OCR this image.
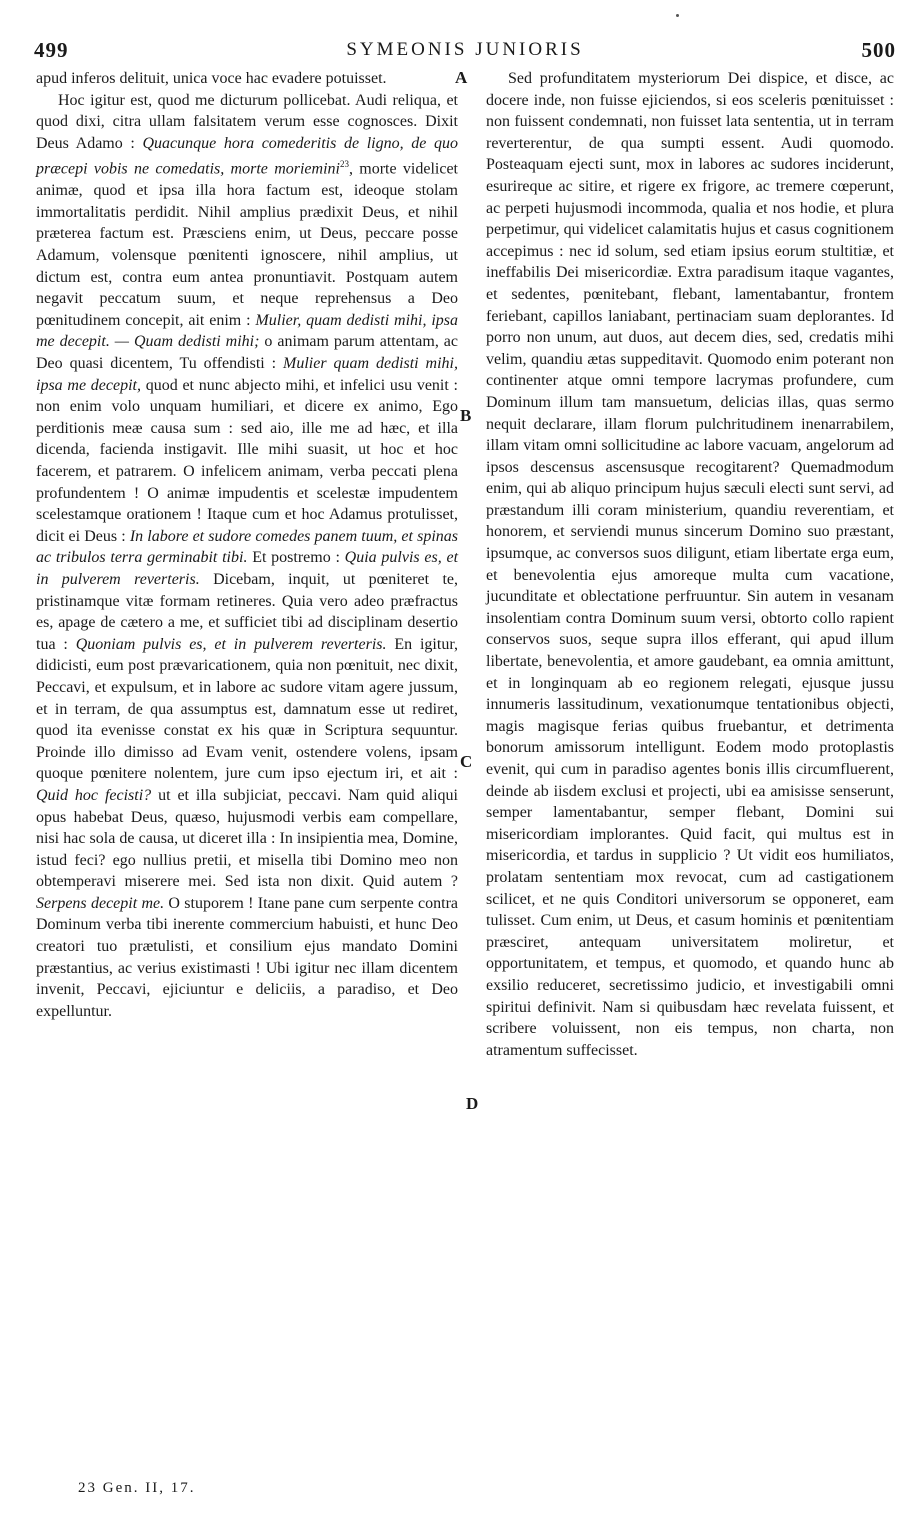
499	SYMEONIS JUNIORIS	500

apud inferos delituit, unica voce hac evadere potuisset.

Hoc igitur est, quod me dicturum pollicebat. Audi reliqua, et quod dixi, citra ullam falsitatem verum esse cognosces. Dixit Deus Adamo : Quacunque hora comederitis de ligno, de quo præcepi vobis ne comedatis, morte moriemini$^{23}$, morte videlicet animæ, quod et ipsa illa hora factum est, ideoque stolam immortalitatis perdidit. Nihil amplius prædixit Deus, et nihil præterea factum est. Præsciens enim, ut Deus, peccare posse Adamum, volensque pœnitenti ignoscere, nihil amplius, ut dictum est, contra eum antea pronuntiavit. Postquam autem negavit peccatum suum, et neque reprehensus a Deo pœnitudinem concepit, ait enim : Mulier, quam dedisti mihi, ipsa me decepit. — Quam dedisti mihi; o animam parum attentam, ac Deo quasi dicentem, Tu offendisti : Mulier quam dedisti mihi, ipsa me decepit, quod et nunc abjecto mihi, et infelici usu venit : non enim volo unquam humiliari, et dicere ex animo, Ego perditionis meæ causa sum : sed aio, ille me ad hæc, et illa dicenda, facienda instigavit. Ille mihi suasit, ut hoc et hoc facerem, et patrarem. O infelicem animam, verba peccati plena profundentem ! O animæ impudentis et scelestæ impudentem scelestamque orationem ! Itaque cum et hoc Adamus protulisset, dicit ei Deus : In labore et sudore comedes panem tuum, et spinas ac tribulos terra germinabit tibi. Et postremo : Quia pulvis es, et in pulverem reverteris. Dicebam, inquit, ut pœniteret te, pristinamque vitæ formam retineres. Quia vero adeo præfractus es, apage de cætero a me, et sufficiet tibi ad disciplinam desertio tua : Quoniam pulvis es, et in pulverem reverteris. En igitur, didicisti, eum post prævaricationem, quia non pœnituit, nec dixit, Peccavi, et expulsum, et in labore ac sudore vitam agere jussum, et in terram, de qua assumptus est, damnatum esse ut rediret, quod ita evenisse constat ex his quæ in Scriptura sequuntur. Proinde illo dimisso ad Evam venit, ostendere volens, ipsam quoque pœnitere nolentem, jure cum ipso ejectum iri, et ait : Quid hoc fecisti? ut et illa subjiciat, peccavi. Nam quid aliqui opus habebat Deus, quæso, hujusmodi verbis eam compellare, nisi hac sola de causa, ut diceret illa : In insipientia mea, Domine, istud feci? ego nullius pretii, et misella tibi Domino meo non obtemperavi miserere mei. Sed ista non dixit. Quid autem ? Serpens decepit me. O stuporem ! Itane pane cum serpente contra Dominum verba tibi inerente commercium habuisti, et hunc Deo creatori tuo prætulisti, et consilium ejus mandato Domini præstantius, ac verius existimasti ! Ubi igitur nec illam dicentem invenit, Peccavi, ejiciuntur e deliciis, a paradiso, et Deo expelluntur.

Sed profunditatem mysteriorum Dei dispice, et disce, ac docere inde, non fuisse ejiciendos, si eos sceleris pœnituisset : non fuissent condemnati, non fuisset lata sententia, ut in terram reverterentur, de qua sumpti essent. Audi quomodo. Posteaquam ejecti sunt, mox in labores ac sudores inciderunt, esurireque ac sitire, et rigere ex frigore, ac tremere cœperunt, ac perpeti hujusmodi incommoda, qualia et nos hodie, et plura perpetimur, qui videlicet calamitatis hujus et casus cognitionem accepimus : nec id solum, sed etiam ipsius eorum stultitiæ, et ineffabilis Dei misericordiæ. Extra paradisum itaque vagantes, et sedentes, pœnitebant, flebant, lamentabantur, frontem feriebant, capillos laniabant, pertinaciam suam deplorantes. Id porro non unum, aut duos, aut decem dies, sed, credatis mihi velim, quandiu ætas suppeditavit. Quomodo enim poterant non continenter atque omni tempore lacrymas profundere, cum Dominum illum tam mansuetum, delicias illas, quas sermo nequit declarare, illam florum pulchritudinem inenarrabilem, illam vitam omni sollicitudine ac labore vacuam, angelorum ad ipsos descensus ascensusque recogitarent? Quemadmodum enim, qui ab aliquo principum hujus sæculi electi sunt servi, ad præstandum illi coram ministerium, quandiu reverentiam, et honorem, et serviendi munus sincerum Domino suo præstant, ipsumque, ac conversos suos diligunt, etiam libertate erga eum, et benevolentia ejus amoreque multa cum vacatione, jucunditate et oblectatione perfruuntur. Sin autem in vesanam insolentiam contra Dominum suum versi, obtorto collo rapient conservos suos, seque supra illos efferant, qui apud illum libertate, benevolentia, et amore gaudebant, ea omnia amittunt, et in longinquam ab eo regionem relegati, ejusque jussu innumeris lassitudinum, vexationumque tentationibus objecti, magis magisque ferias quibus fruebantur, et detrimenta bonorum amissorum intelligunt. Eodem modo protoplastis evenit, qui cum in paradiso agentes bonis illis circumfluerent, deinde ab iisdem exclusi et projecti, ubi ea amisisse senserunt, semper lamentabantur, semper flebant, Domini sui misericordiam implorantes. Quid facit, qui multus est in misericordia, et tardus in supplicio ? Ut vidit eos humiliatos, prolatam sententiam mox revocat, cum ad castigationem scilicet, et ne quis Conditori universorum se opponeret, eam tulisset. Cum enim, ut Deus, et casum hominis et pœnitentiam præsciret, antequam universitatem moliretur, et opportunitatem, et tempus, et quomodo, et quando hunc ab exsilio reduceret, secretissimo judicio, et investigabili omni spiritui definivit. Nam si quibusdam hæc revelata fuissent, et scribere voluissent, non eis tempus, non charta, non atramentum suffecisset.

A
B
C
D
23 Gen. II, 17.
